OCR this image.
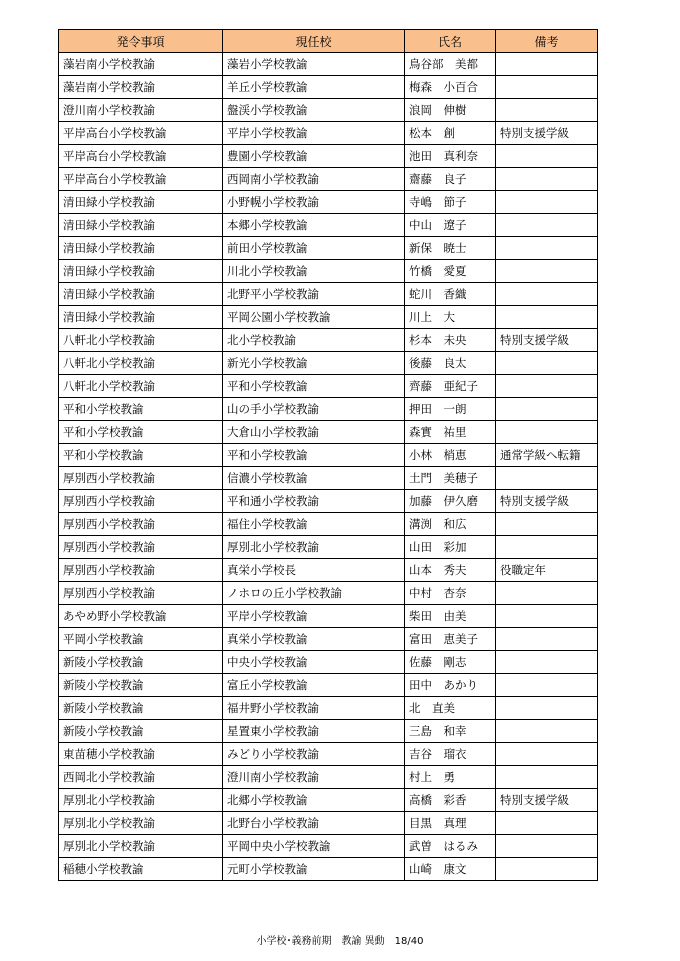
発令事項	現任校	氏名	備考
藻岩南小学校教諭	藻岩小学校教諭	鳥谷部　美都	
藻岩南小学校教諭	羊丘小学校教諭	梅森　小百合	
澄川南小学校教諭	盤渓小学校教諭	浪岡　伸樹	
平岸高台小学校教諭	平岸小学校教諭	松本　創	特別支援学級
平岸高台小学校教諭	豊園小学校教諭	池田　真利奈	
平岸高台小学校教諭	西岡南小学校教諭	齋藤　良子	
清田緑小学校教諭	小野幌小学校教諭	寺嶋　節子	
清田緑小学校教諭	本郷小学校教諭	中山　遼子	
清田緑小学校教諭	前田小学校教諭	新保　暁士	
清田緑小学校教諭	川北小学校教諭	竹橋　愛夏	
清田緑小学校教諭	北野平小学校教諭	蛇川　香織	
清田緑小学校教諭	平岡公園小学校教諭	川上　大	
八軒北小学校教諭	北小学校教諭	杉本　未央	特別支援学級
八軒北小学校教諭	新光小学校教諭	後藤　良太	
八軒北小学校教諭	平和小学校教諭	齊藤　亜紀子	
平和小学校教諭	山の手小学校教諭	押田　一朗	
平和小学校教諭	大倉山小学校教諭	森實　祐里	
平和小学校教諭	平和小学校教諭	小林　梢恵	通常学級へ転籍
厚別西小学校教諭	信濃小学校教諭	土門　美穂子	
厚別西小学校教諭	平和通小学校教諭	加藤　伊久磨	特別支援学級
厚別西小学校教諭	福住小学校教諭	溝渕　和広	
厚別西小学校教諭	厚別北小学校教諭	山田　彩加	
厚別西小学校教諭	真栄小学校長	山本　秀夫	役職定年
厚別西小学校教諭	ノホロの丘小学校教諭	中村　杏奈	
あやめ野小学校教諭	平岸小学校教諭	柴田　由美	
平岡小学校教諭	真栄小学校教諭	富田　恵美子	
新陵小学校教諭	中央小学校教諭	佐藤　剛志	
新陵小学校教諭	富丘小学校教諭	田中　あかり	
新陵小学校教諭	福井野小学校教諭	北　直美	
新陵小学校教諭	星置東小学校教諭	三島　和幸	
東苗穂小学校教諭	みどり小学校教諭	吉谷　瑠衣	
西岡北小学校教諭	澄川南小学校教諭	村上　勇	
厚別北小学校教諭	北郷小学校教諭	高橋　彩香	特別支援学級
厚別北小学校教諭	北野台小学校教諭	目黒　真理	
厚別北小学校教諭	平岡中央小学校教諭	武曽　はるみ	
稲穂小学校教諭	元町小学校教諭	山崎　康文	
小学校･義務前期　教諭 異動　18/40
